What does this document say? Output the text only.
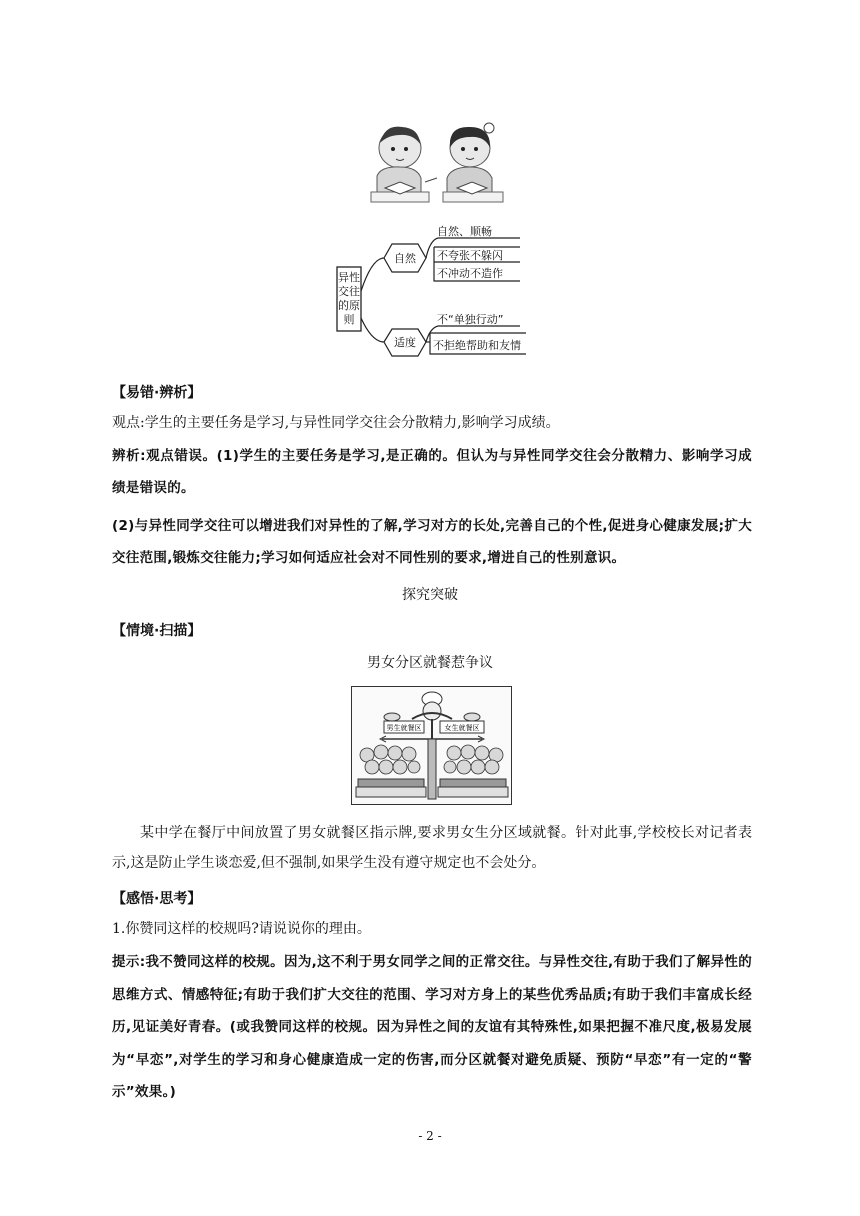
异性
交往
的原
则
自然
适度
自然、顺畅
不夸张不躲闪
不冲动不造作
不“单独行动”
不拒绝帮助和友情
【易错·辨析】
观点:学生的主要任务是学习,与异性同学交往会分散精力,影响学习成绩。
辨析:观点错误。(1)学生的主要任务是学习,是正确的。但认为与异性同学交往会分散精力、影响学习成绩是错误的。
(2)与异性同学交往可以增进我们对异性的了解,学习对方的长处,完善自己的个性,促进身心健康发展;扩大交往范围,锻炼交往能力;学习如何适应社会对不同性别的要求,增进自己的性别意识。
探究突破
【情境·扫描】
男女分区就餐惹争议
男生就餐区	女生就餐区
某中学在餐厅中间放置了男女就餐区指示牌,要求男女生分区域就餐。针对此事,学校校长对记者表示,这是防止学生谈恋爱,但不强制,如果学生没有遵守规定也不会处分。
【感悟·思考】
1.你赞同这样的校规吗?请说说你的理由。
提示:我不赞同这样的校规。因为,这不利于男女同学之间的正常交往。与异性交往,有助于我们了解异性的思维方式、情感特征;有助于我们扩大交往的范围、学习对方身上的某些优秀品质;有助于我们丰富成长经历,见证美好青春。(或我赞同这样的校规。因为异性之间的友谊有其特殊性,如果把握不准尺度,极易发展为“早恋”,对学生的学习和身心健康造成一定的伤害,而分区就餐对避免质疑、预防“早恋”有一定的“警示”效果。)
- 2 -
